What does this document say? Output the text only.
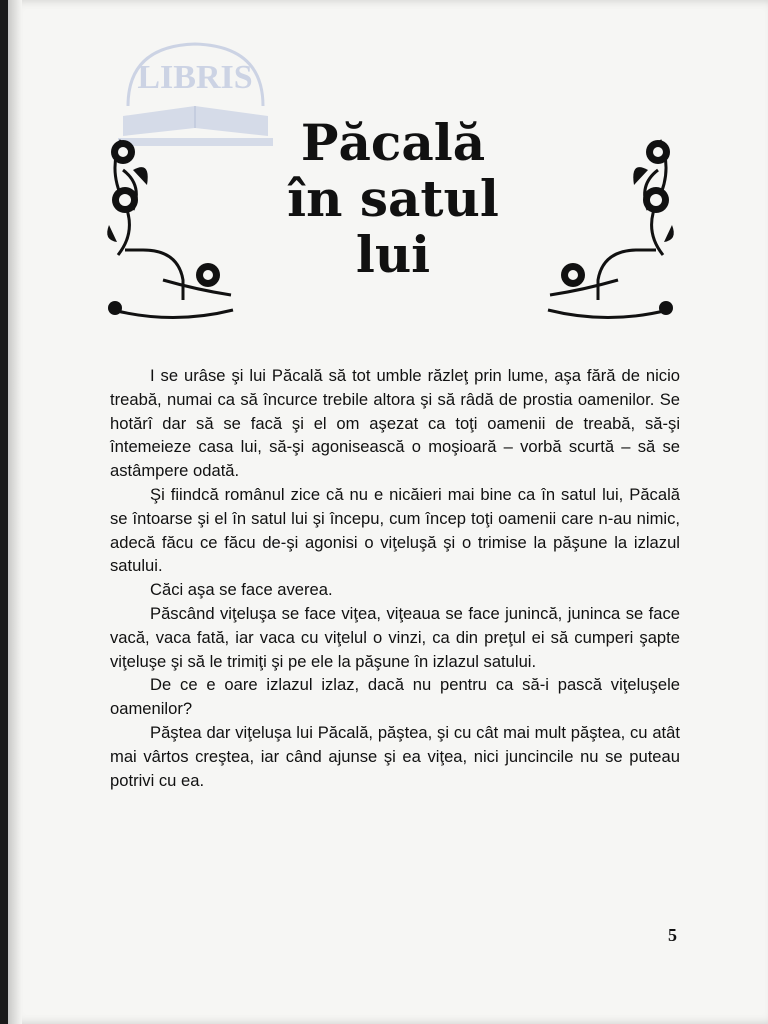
LIBRIS
Păcală
în satul lui

I se urâse şi lui Păcală să tot umble răzleţ prin lume, aşa fără de nicio treabă, numai ca să încurce trebile altora şi să râdă de prostia oamenilor. Se hotărî dar să se facă şi el om aşezat ca toţi oamenii de treabă, să-şi întemeieze casa lui, să-şi agonisească o moşioară – vorbă scurtă – să se astâmpere odată.

Şi fiindcă românul zice că nu e nicăieri mai bine ca în satul lui, Păcală se întoarse şi el în satul lui şi începu, cum încep toţi oamenii care n-au nimic, adecă făcu ce făcu de-şi agonisi o viţeluşă şi o trimise la păşune la izlazul satului.

Căci aşa se face averea.

Păscând viţeluşa se face viţea, viţeaua se face junincă, juninca se face vacă, vaca fată, iar vaca cu viţelul o vinzi, ca din preţul ei să cumperi şapte viţeluşe şi să le trimiţi şi pe ele la păşune în izlazul satului.

De ce e oare izlazul izlaz, dacă nu pentru ca să-i pască viţeluşele oamenilor?

Păştea dar viţeluşa lui Păcală, păştea, şi cu cât mai mult păştea, cu atât mai vârtos creştea, iar când ajunse şi ea viţea, nici juncincile nu se puteau potrivi cu ea.

5
